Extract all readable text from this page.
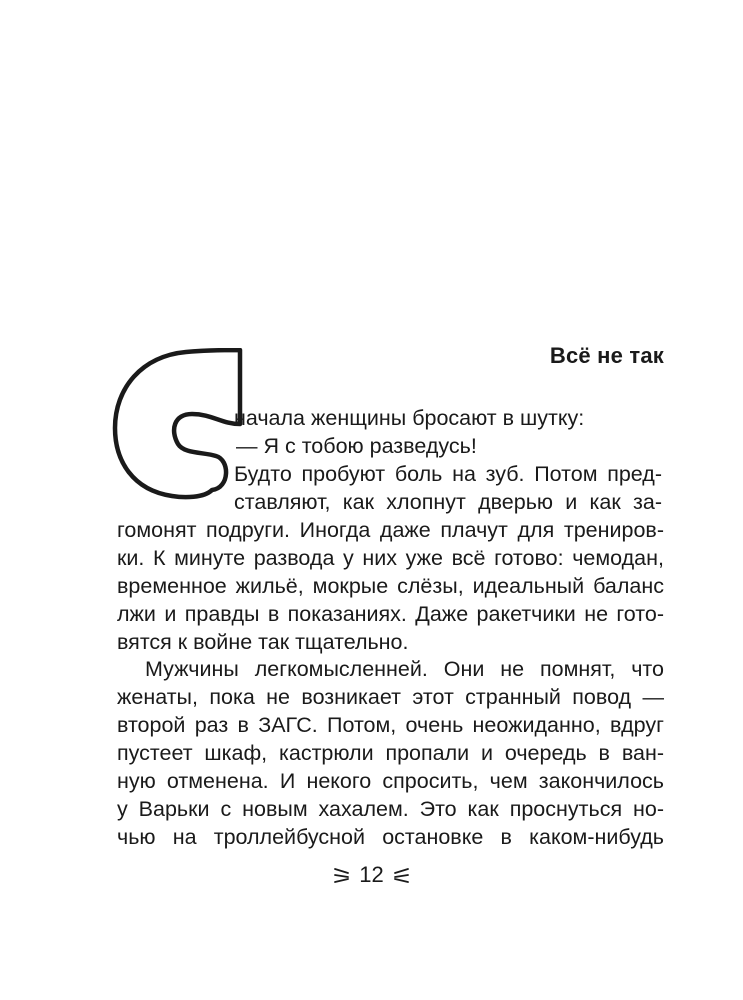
Всё не так
начала женщины бросают в шутку:
— Я с тобою разведусь!
Будто пробуют боль на зуб. Потом пред-
ставляют, как хлопнут дверью и как за-
гомонят подруги. Иногда даже плачут для трениров-
ки. К минуте развода у них уже всё готово: чемодан,
временное жильё, мокрые слёзы, идеальный баланс
лжи и правды в показаниях. Даже ракетчики не гото-
вятся к войне так тщательно.
Мужчины легкомысленней. Они не помнят, что
женаты, пока не возникает этот странный повод —
второй раз в ЗАГС. Потом, очень неожиданно, вдруг
пустеет шкаф, кастрюли пропали и очередь в ван-
ную отменена. И некого спросить, чем закончилось
у Варьки с новым хахалем. Это как проснуться но-
чью на троллейбусной остановке в каком-нибудь
12
